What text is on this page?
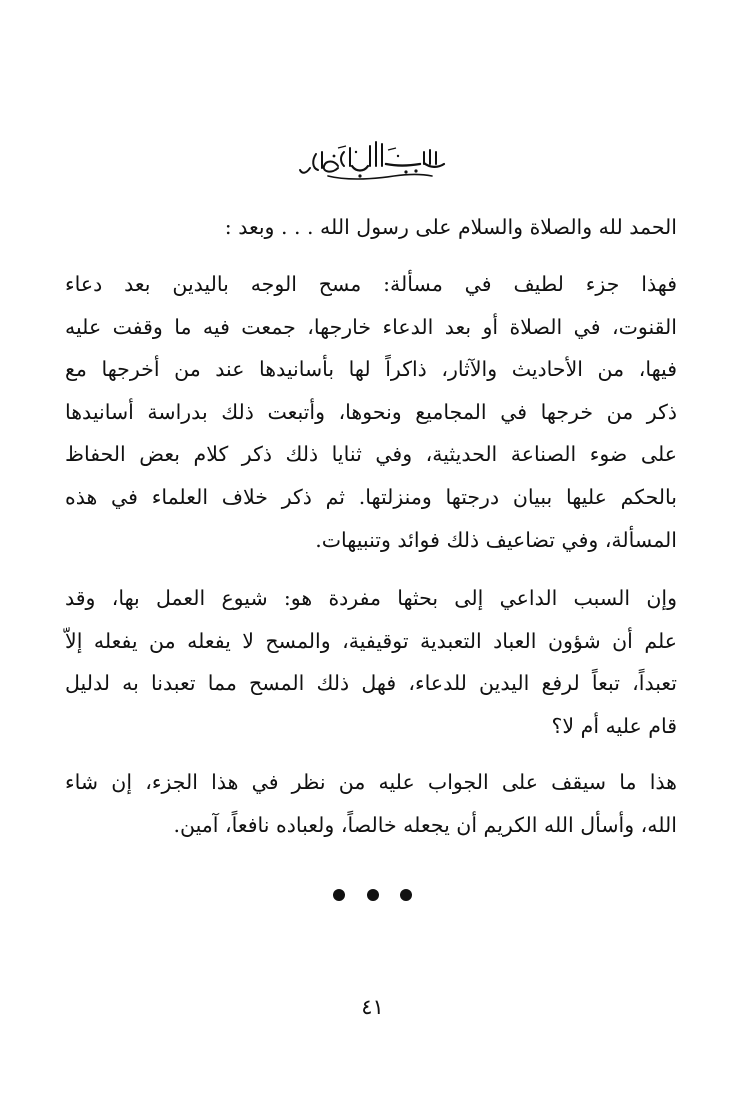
الحمد لله والصلاة والسلام على رسول الله . . . وبعد :
فهذا جزء لطيف في مسألة: مسح الوجه باليدين بعد دعاء
القنوت، في الصلاة أو بعد الدعاء خارجها، جمعت فيه ما وقفت عليه
فيها، من الأحاديث والآثار، ذاكراً لها بأسانيدها عند من أخرجها مع
ذكر من خرجها في المجاميع ونحوها، وأتبعت ذلك بدراسة أسانيدها
على ضوء الصناعة الحديثية، وفي ثنايا ذلك ذكر كلام بعض الحفاظ
بالحكم عليها ببيان درجتها ومنزلتها. ثم ذكر خلاف العلماء في هذه
المسألة، وفي تضاعيف ذلك فوائد وتنبيهات.
وإن السبب الداعي إلى بحثها مفردة هو: شيوع العمل بها، وقد
علم أن شؤون العباد التعبدية توقيفية، والمسح لا يفعله من يفعله إلاّ
تعبداً، تبعاً لرفع اليدين للدعاء، فهل ذلك المسح مما تعبدنا به لدليل
قام عليه أم لا؟
هذا ما سيقف على الجواب عليه من نظر في هذا الجزء، إن شاء
الله، وأسأل الله الكريم أن يجعله خالصاً، ولعباده نافعاً، آمين.

٤١
